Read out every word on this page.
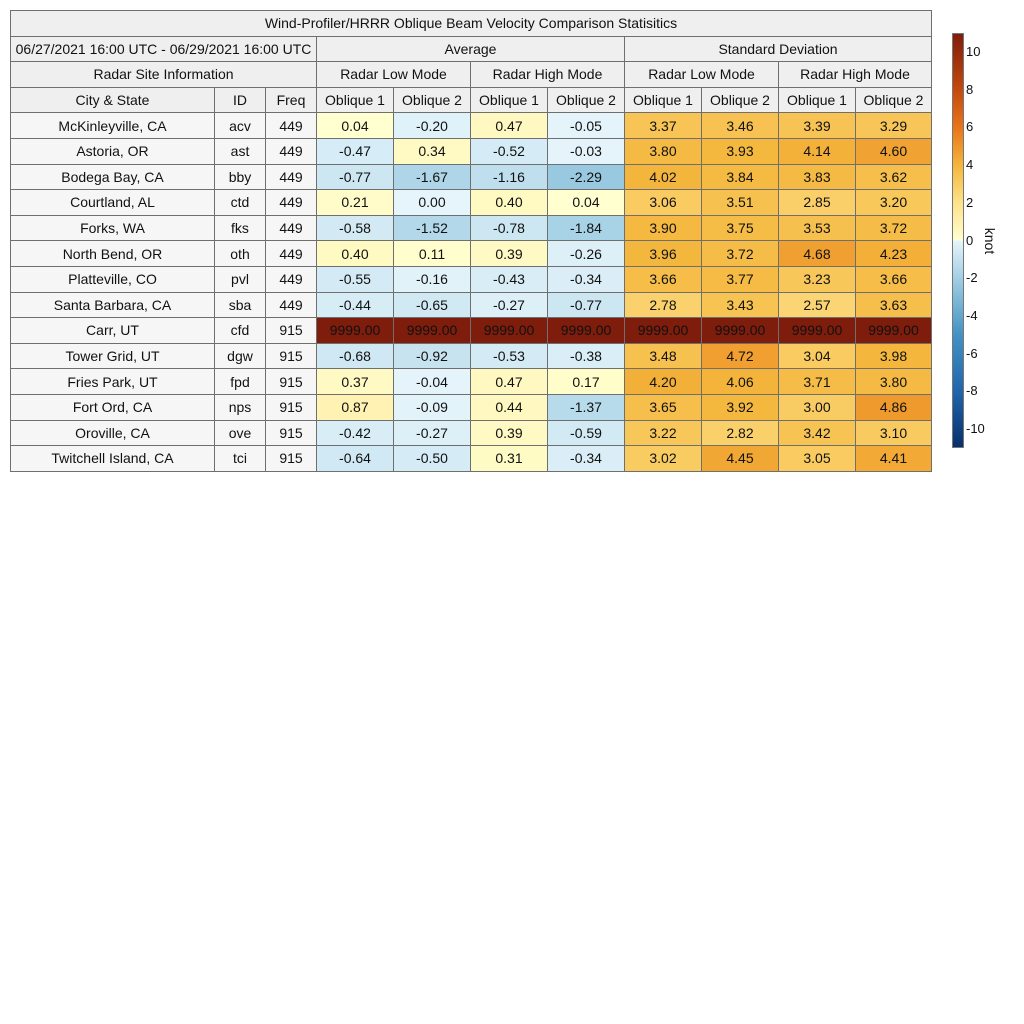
Wind-Profiler/HRRR Oblique Beam Velocity Comparison Statisitics										
06/27/2021 16:00 UTC - 06/29/2021 16:00 UTC			Average				Standard Deviation			
Radar Site Information			Radar Low Mode		Radar High Mode		Radar Low Mode		Radar High Mode	
City & State	ID	Freq	Oblique 1	Oblique 2	Oblique 1	Oblique 2	Oblique 1	Oblique 2	Oblique 1	Oblique 2
McKinleyville, CA	acv	449	0.04	-0.20	0.47	-0.05	3.37	3.46	3.39	3.29
Astoria, OR	ast	449	-0.47	0.34	-0.52	-0.03	3.80	3.93	4.14	4.60
Bodega Bay, CA	bby	449	-0.77	-1.67	-1.16	-2.29	4.02	3.84	3.83	3.62
Courtland, AL	ctd	449	0.21	0.00	0.40	0.04	3.06	3.51	2.85	3.20
Forks, WA	fks	449	-0.58	-1.52	-0.78	-1.84	3.90	3.75	3.53	3.72
North Bend, OR	oth	449	0.40	0.11	0.39	-0.26	3.96	3.72	4.68	4.23
Platteville, CO	pvl	449	-0.55	-0.16	-0.43	-0.34	3.66	3.77	3.23	3.66
Santa Barbara, CA	sba	449	-0.44	-0.65	-0.27	-0.77	2.78	3.43	2.57	3.63
Carr, UT	cfd	915	9999.00	9999.00	9999.00	9999.00	9999.00	9999.00	9999.00	9999.00
Tower Grid, UT	dgw	915	-0.68	-0.92	-0.53	-0.38	3.48	4.72	3.04	3.98
Fries Park, UT	fpd	915	0.37	-0.04	0.47	0.17	4.20	4.06	3.71	3.80
Fort Ord, CA	nps	915	0.87	-0.09	0.44	-1.37	3.65	3.92	3.00	4.86
Oroville, CA	ove	915	-0.42	-0.27	0.39	-0.59	3.22	2.82	3.42	3.10
Twitchell Island, CA	tci	915	-0.64	-0.50	0.31	-0.34	3.02	4.45	3.05	4.41
10
8
6
4
2
0
-2
-4
-6
-8
-10
knot
